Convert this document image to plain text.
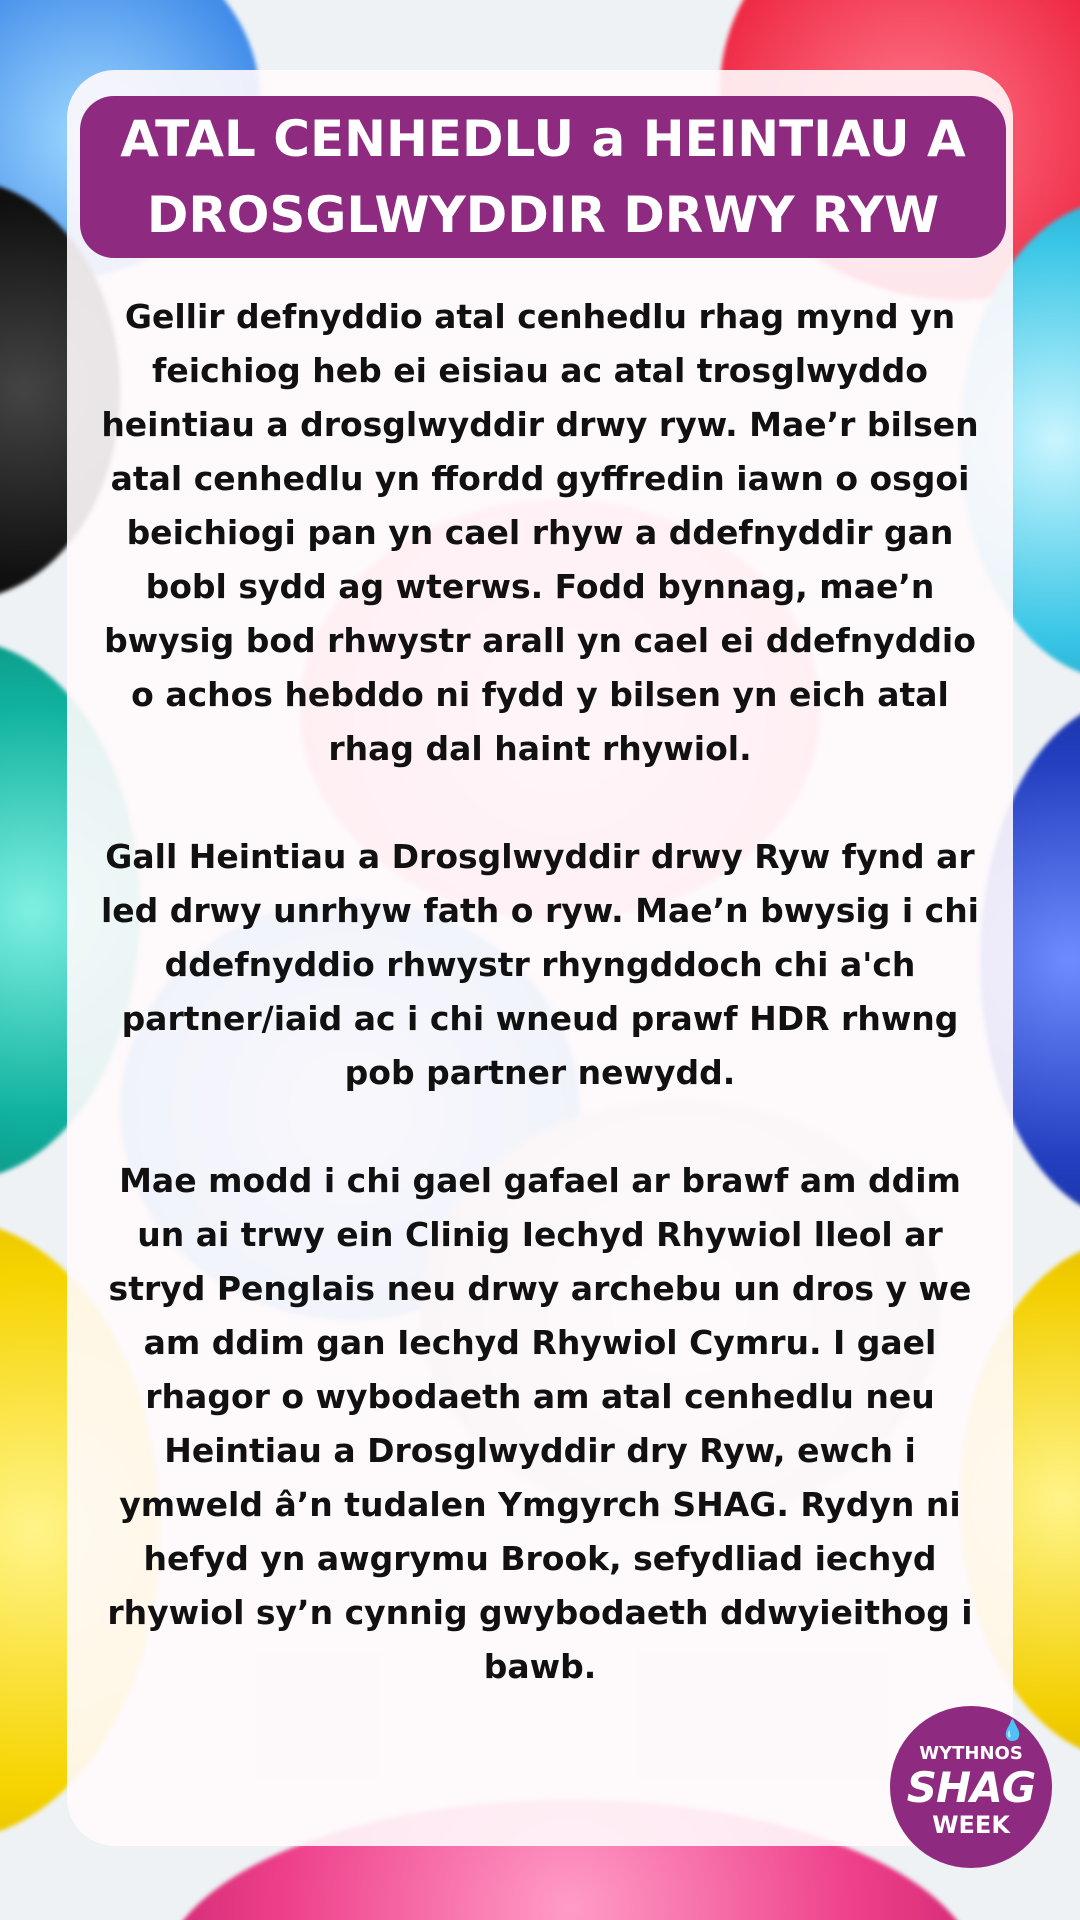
ATAL CENHEDLU a HEINTIAU A
DROSGLWYDDIR DRWY RYW

Gellir defnyddio atal cenhedlu rhag mynd yn feichiog heb ei eisiau ac atal trosglwyddo heintiau a drosglwyddir drwy ryw. Mae’r bilsen atal cenhedlu yn ffordd gyffredin iawn o osgoi beichiogi pan yn cael rhyw a ddefnyddir gan bobl sydd ag wterws. Fodd bynnag, mae’n bwysig bod rhwystr arall yn cael ei ddefnyddio o achos hebddo ni fydd y bilsen yn eich atal rhag dal haint rhywiol.

Gall Heintiau a Drosglwyddir drwy Ryw fynd ar led drwy unrhyw fath o ryw. Mae’n bwysig i chi ddefnyddio rhwystr rhyngddoch chi a'ch partner/iaid ac i chi wneud prawf HDR rhwng pob partner newydd.

Mae modd i chi gael gafael ar brawf am ddim un ai trwy ein Clinig Iechyd Rhywiol lleol ar stryd Penglais neu drwy archebu un dros y we am ddim gan Iechyd Rhywiol Cymru. I gael rhagor o wybodaeth am atal cenhedlu neu Heintiau a Drosglwyddir dry Ryw, ewch i ymweld â’n tudalen Ymgyrch SHAG. Rydyn ni hefyd yn awgrymu Brook, sefydliad iechyd rhywiol sy’n cynnig gwybodaeth ddwyieithog i bawb.

💧
WYTHNOS
SHAG
WEEK
